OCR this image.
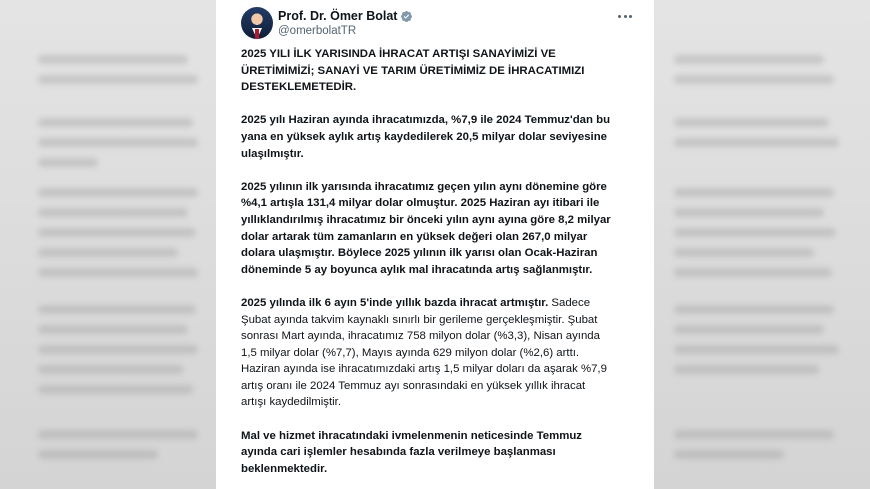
Prof. Dr. Ömer Bolat
@omerbolatTR
2025 YILI İLK YARISINDA İHRACAT ARTIŞI SANAYİMİZİ VE
ÜRETİMİMİZİ; SANAYİ VE TARIM ÜRETİMİMİZ DE İHRACATIMIZI
DESTEKLEMETEDİR.
2025 yılı Haziran ayında ihracatımızda, %7,9 ile 2024 Temmuz'dan bu
yana en yüksek aylık artış kaydedilerek 20,5 milyar dolar seviyesine
ulaşılmıştır.
2025 yılının ilk yarısında ihracatımız geçen yılın aynı dönemine göre
%4,1 artışla 131,4 milyar dolar olmuştur. 2025 Haziran ayı itibari ile
yıllıklandırılmış ihracatımız bir önceki yılın aynı ayına göre 8,2 milyar
dolar artarak tüm zamanların en yüksek değeri olan 267,0 milyar
dolara ulaşmıştır. Böylece 2025 yılının ilk yarısı olan Ocak-Haziran
döneminde 5 ay boyunca aylık mal ihracatında artış sağlanmıştır.
2025 yılında ilk 6 ayın 5'inde yıllık bazda ihracat artmıştır. Sadece
Şubat ayında takvim kaynaklı sınırlı bir gerileme gerçekleşmiştir. Şubat
sonrası Mart ayında, ihracatımız 758 milyon dolar (%3,3), Nisan ayında
1,5 milyar dolar (%7,7), Mayıs ayında 629 milyon dolar (%2,6) arttı.
Haziran ayında ise ihracatımızdaki artış 1,5 milyar doları da aşarak %7,9
artış oranı ile 2024 Temmuz ayı sonrasındaki en yüksek yıllık ihracat
artışı kaydedilmiştir.
Mal ve hizmet ihracatındaki ivmelenmenin neticesinde Temmuz
ayında cari işlemler hesabında fazla verilmeye başlanması
beklenmektedir.
